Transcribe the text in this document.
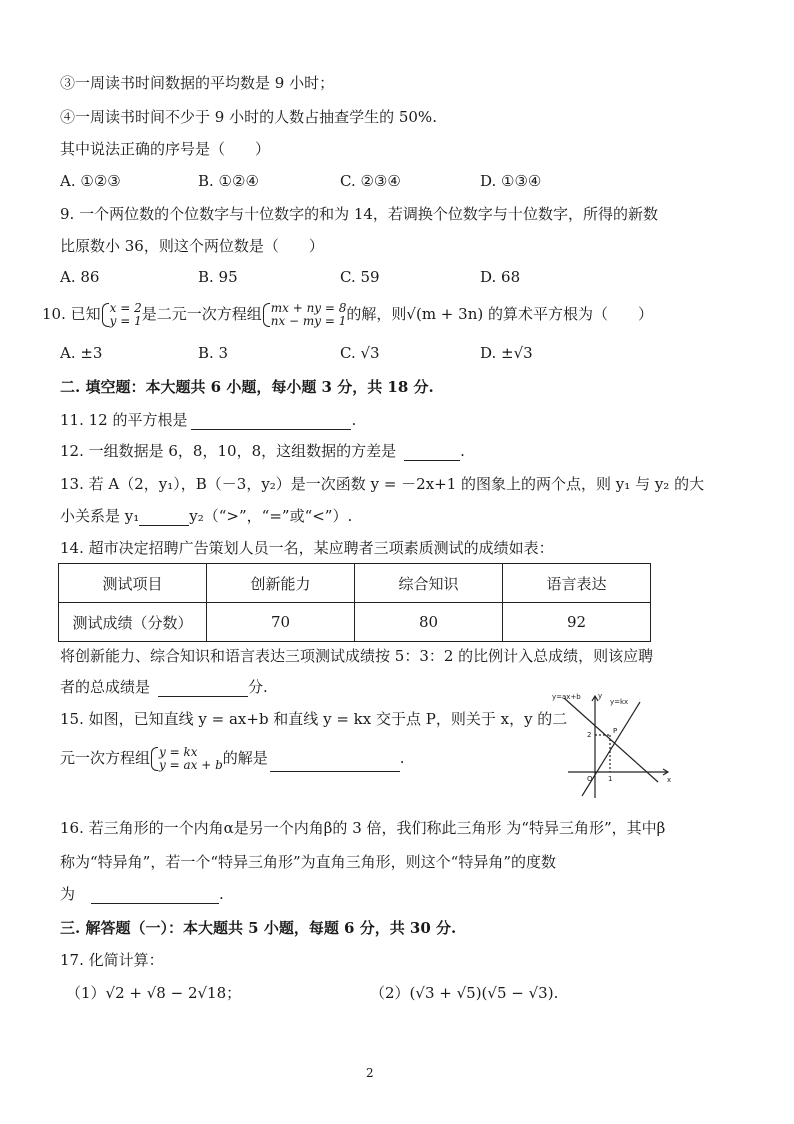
③一周读书时间数据的平均数是 9 小时；
④一周读书时间不少于 9 小时的人数占抽查学生的 50%.
其中说法正确的序号是（　　）
A. ①②③	B. ①②④	C. ②③④	D. ①③④
9. 一个两位数的个位数字与十位数字的和为 14，若调换个位数字与十位数字，所得的新数
比原数小 36，则这个两位数是（　　）
A. 86	B. 95	C. 59	D. 68
10. 已知 x = 2
y = 1 是二元一次方程组 mx + ny = 8
nx − my = 1 的解，则√(m + 3n) 的算术平方根为（　　）
A. ±3	B. 3	C. √3	D. ±√3
二. 填空题：本大题共 6 小题，每小题 3 分，共 18 分.
11. 12 的平方根是	.
12. 一组数据是 6，8，10，8，这组数据的方差是	.
13. 若 A（2，y₁），B（－3，y₂）是一次函数 y = －2x+1 的图象上的两个点，则 y₁ 与 y₂ 的大
小关系是 y₁	y₂（“>”，“=”或“<”）.
14. 超市决定招聘广告策划人员一名，某应聘者三项素质测试的成绩如表：
测试项目	创新能力	综合知识	语言表达
测试成绩（分数）	70	80	92
将创新能力、综合知识和语言表达三项测试成绩按 5：3：2 的比例计入总成绩，则该应聘
者的总成绩是	分.
15. 如图，已知直线 y = ax+b 和直线 y = kx 交于点 P，则关于 x，y 的二
元一次方程组 y = kx
y = ax + b 的解是	.
y=ax+b
y=kx
y
x
O
P
2
1
16. 若三角形的一个内角α是另一个内角β的 3 倍，我们称此三角形 为“特异三角形”，其中β
称为“特异角”，若一个“特异三角形”为直角三角形，则这个“特异角”的度数
为	.
三. 解答题（一）：本大题共 5 小题，每题 6 分，共 30 分.
17. 化简计算：
（1）√2 + √8 − 2√18；	（2）(√3 + √5)(√5 − √3).
2
